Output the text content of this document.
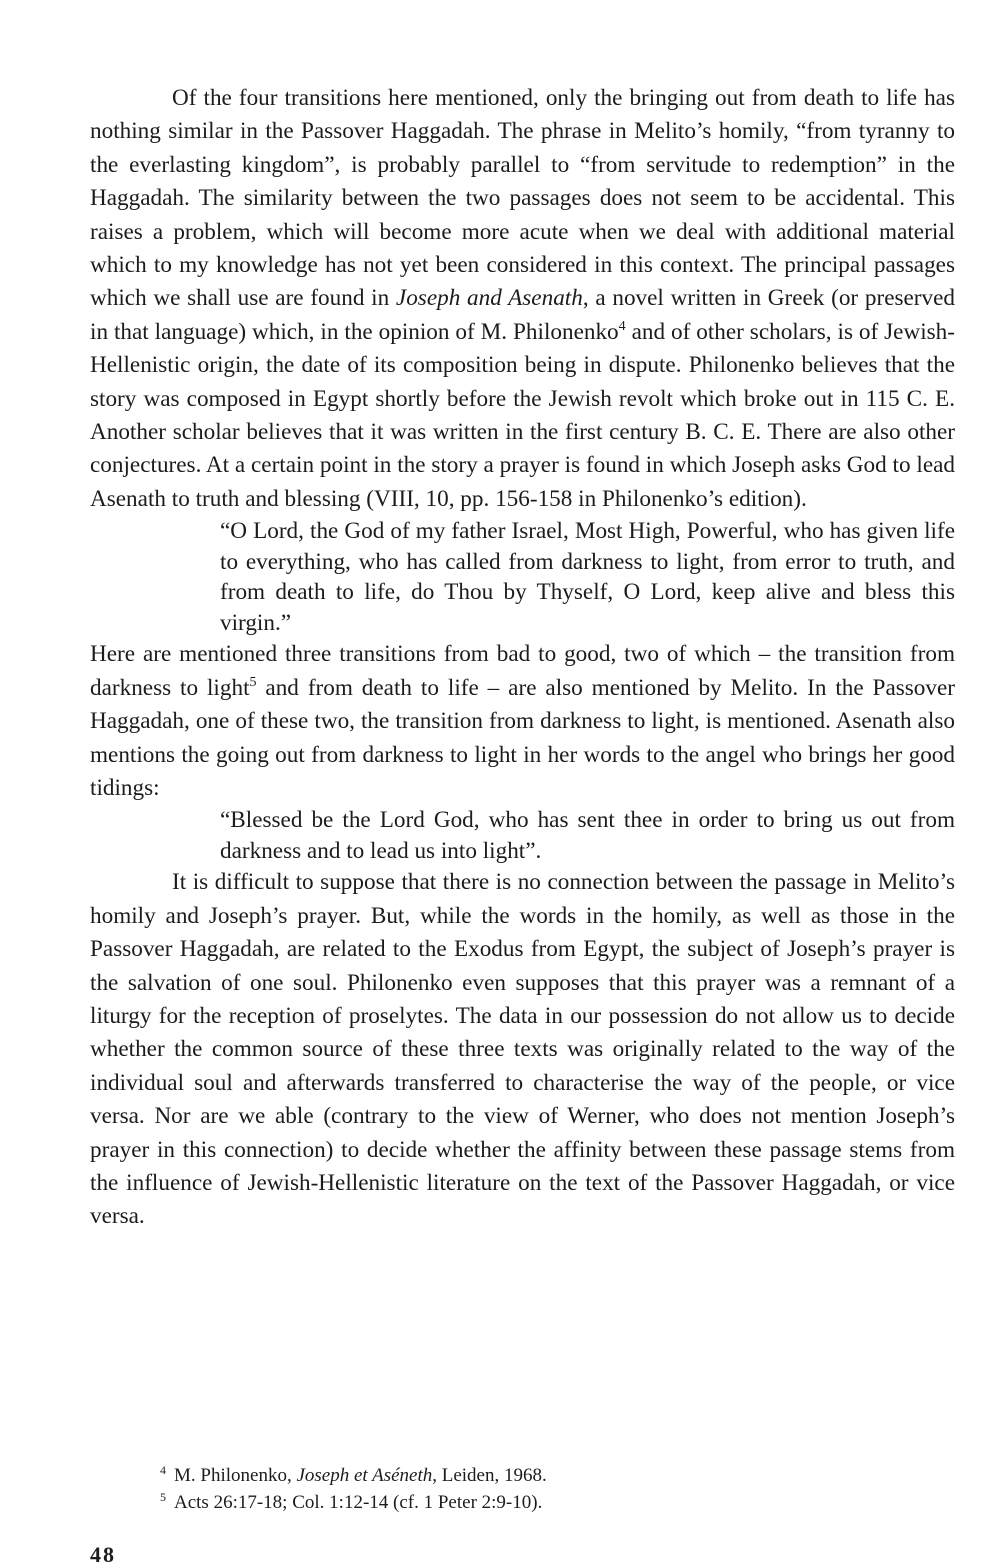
Of the four transitions here mentioned, only the bringing out from death to life has nothing similar in the Passover Haggadah. The phrase in Melito’s homily, “from tyranny to the everlasting kingdom”, is probably parallel to “from servitude to redemption” in the Haggadah. The similarity between the two passages does not seem to be accidental. This raises a problem, which will become more acute when we deal with additional material which to my knowledge has not yet been considered in this context. The principal passages which we shall use are found in Joseph and Asenath, a novel written in Greek (or preserved in that language) which, in the opinion of M. Philonenko$^4$ and of other scholars, is of Jewish-Hellenistic origin, the date of its composition being in dispute. Philonenko believes that the story was composed in Egypt shortly before the Jewish revolt which broke out in 115 C. E. Another scholar believes that it was written in the first century B. C. E. There are also other conjectures. At a certain point in the story a prayer is found in which Joseph asks God to lead Asenath to truth and blessing (VIII, 10, pp. 156-158 in Philonenko’s edition).

“O Lord, the God of my father Israel, Most High, Powerful, who has given life to everything, who has called from darkness to light, from error to truth, and from death to life, do Thou by Thyself, O Lord, keep alive and bless this virgin.”

Here are mentioned three transitions from bad to good, two of which – the transition from darkness to light$^5$ and from death to life – are also mentioned by Melito. In the Passover Haggadah, one of these two, the transition from darkness to light, is mentioned. Asenath also mentions the going out from darkness to light in her words to the angel who brings her good tidings:

“Blessed be the Lord God, who has sent thee in order to bring us out from darkness and to lead us into light”.

It is difficult to suppose that there is no connection between the passage in Melito’s homily and Joseph’s prayer. But, while the words in the homily, as well as those in the Passover Haggadah, are related to the Exodus from Egypt, the subject of Joseph’s prayer is the salvation of one soul. Philonenko even supposes that this prayer was a remnant of a liturgy for the reception of proselytes. The data in our possession do not allow us to decide whether the common source of these three texts was originally related to the way of the individual soul and afterwards transferred to characterise the way of the people, or vice versa. Nor are we able (contrary to the view of Werner, who does not mention Joseph’s prayer in this connection) to decide whether the affinity between these passage stems from the influence of Jewish-Hellenistic literature on the text of the Passover Haggadah, or vice versa.

$^4$ M. Philonenko, Joseph et Aséneth, Leiden, 1968.

$^5$ Acts 26:17-18; Col. 1:12-14 (cf. 1 Peter 2:9-10).

48
